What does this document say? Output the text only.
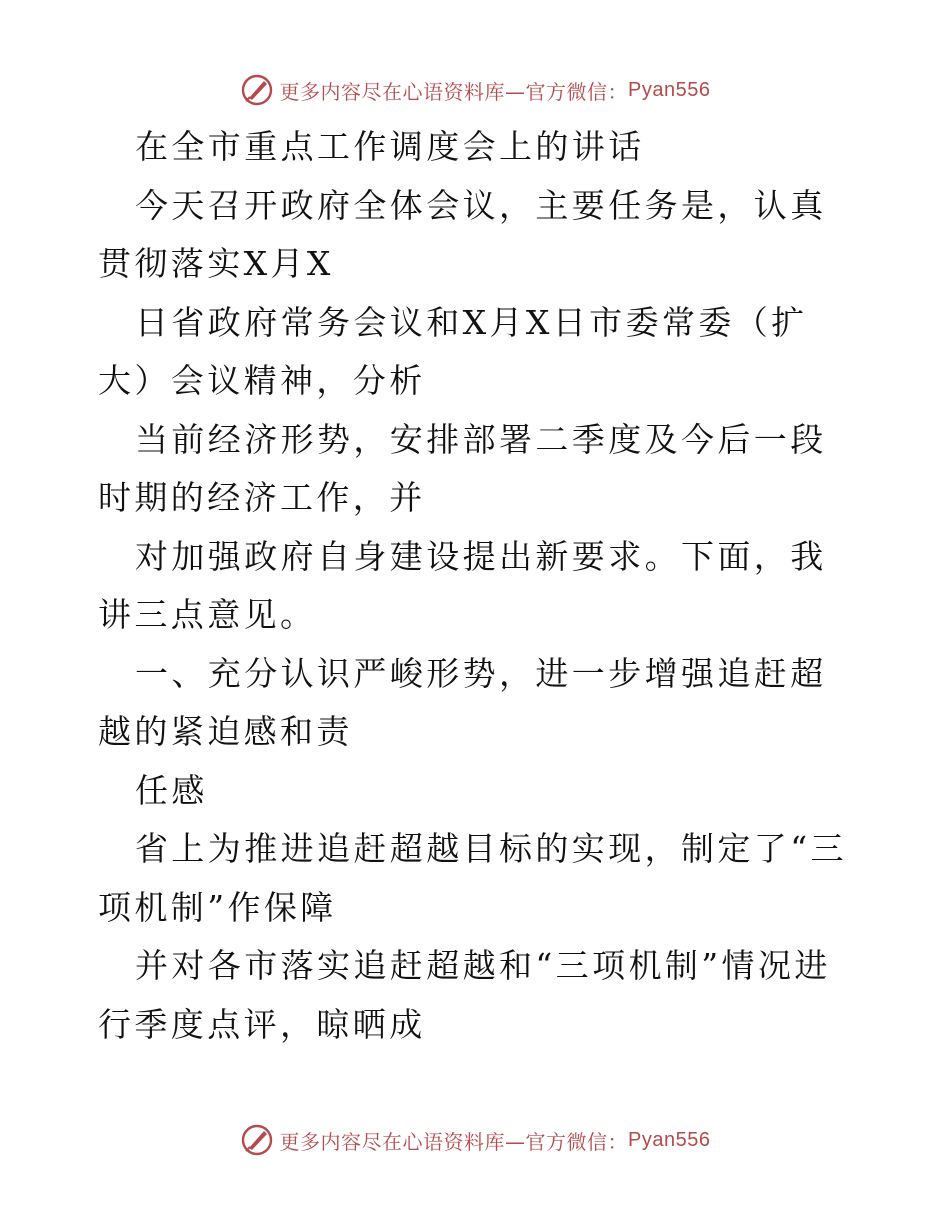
更多内容尽在心语资料库—官方微信： Pyan556

在全市重点工作调度会上的讲话

今天召开政府全体会议，主要任务是，认真贯彻落实X月X

日省政府常务会议和X月X日市委常委（扩大）会议精神，分析

当前经济形势，安排部署二季度及今后一段时期的经济工作，并

对加强政府自身建设提出新要求。下面，我讲三点意见。

一、充分认识严峻形势，进一步增强追赶超越的紧迫感和责

任感

省上为推进追赶超越目标的实现，制定了“三项机制”作保障

并对各市落实追赶超越和“三项机制”情况进行季度点评，晾晒成

更多内容尽在心语资料库—官方微信： Pyan556
